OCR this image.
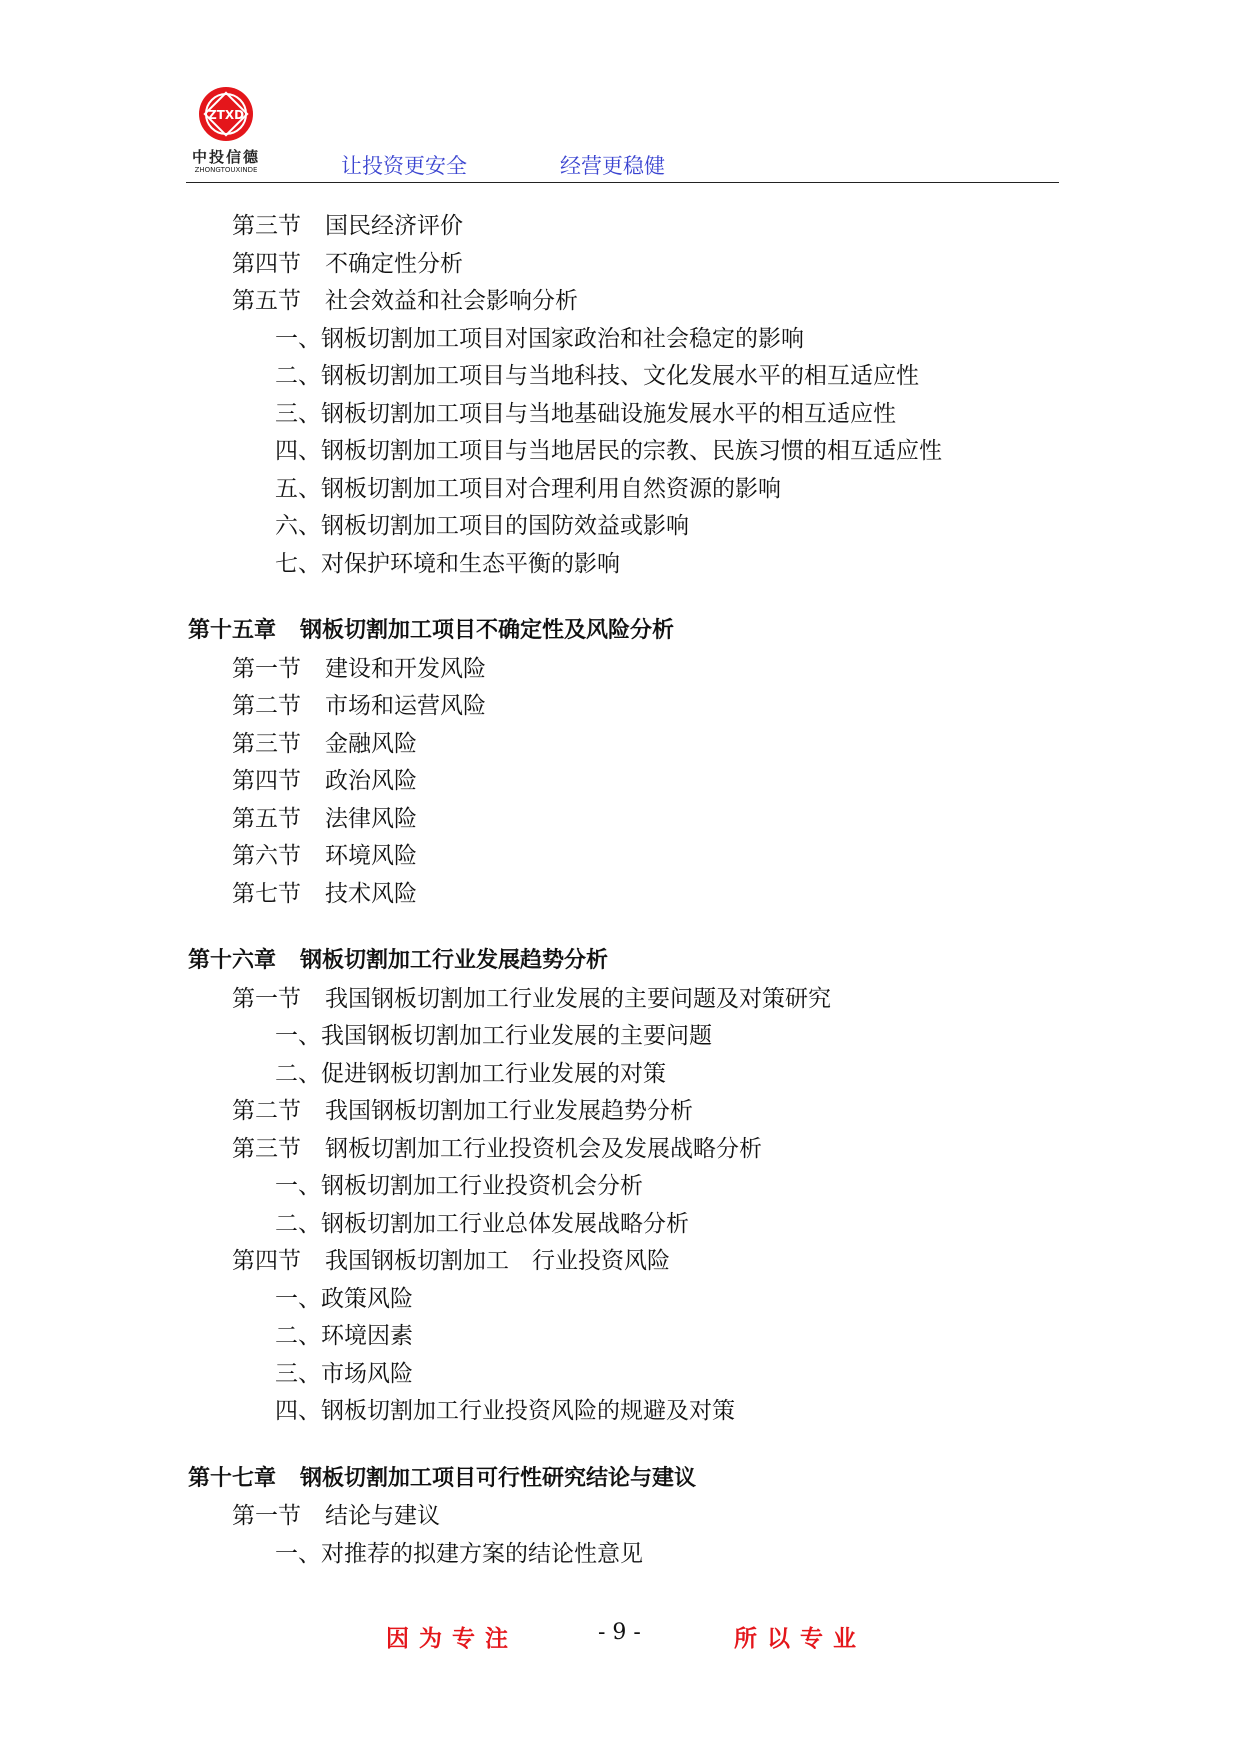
ZTXD
中投信德
ZHONGTOUXINDE	让投资更安全	经营更稳健
第三节 国民经济评价
第四节 不确定性分析
第五节 社会效益和社会影响分析
一、钢板切割加工项目对国家政治和社会稳定的影响
二、钢板切割加工项目与当地科技、文化发展水平的相互适应性
三、钢板切割加工项目与当地基础设施发展水平的相互适应性
四、钢板切割加工项目与当地居民的宗教、民族习惯的相互适应性
五、钢板切割加工项目对合理利用自然资源的影响
六、钢板切割加工项目的国防效益或影响
七、对保护环境和生态平衡的影响
第十五章 钢板切割加工项目不确定性及风险分析
第一节 建设和开发风险
第二节 市场和运营风险
第三节 金融风险
第四节 政治风险
第五节 法律风险
第六节 环境风险
第七节 技术风险
第十六章 钢板切割加工行业发展趋势分析
第一节 我国钢板切割加工行业发展的主要问题及对策研究
一、我国钢板切割加工行业发展的主要问题
二、促进钢板切割加工行业发展的对策
第二节 我国钢板切割加工行业发展趋势分析
第三节 钢板切割加工行业投资机会及发展战略分析
一、钢板切割加工行业投资机会分析
二、钢板切割加工行业总体发展战略分析
第四节 我国钢板切割加工　行业投资风险
一、政策风险
二、环境因素
三、市场风险
四、钢板切割加工行业投资风险的规避及对策
第十七章 钢板切割加工项目可行性研究结论与建议
第一节 结论与建议
一、对推荐的拟建方案的结论性意见
因为专注	- 9 -	所以专业
